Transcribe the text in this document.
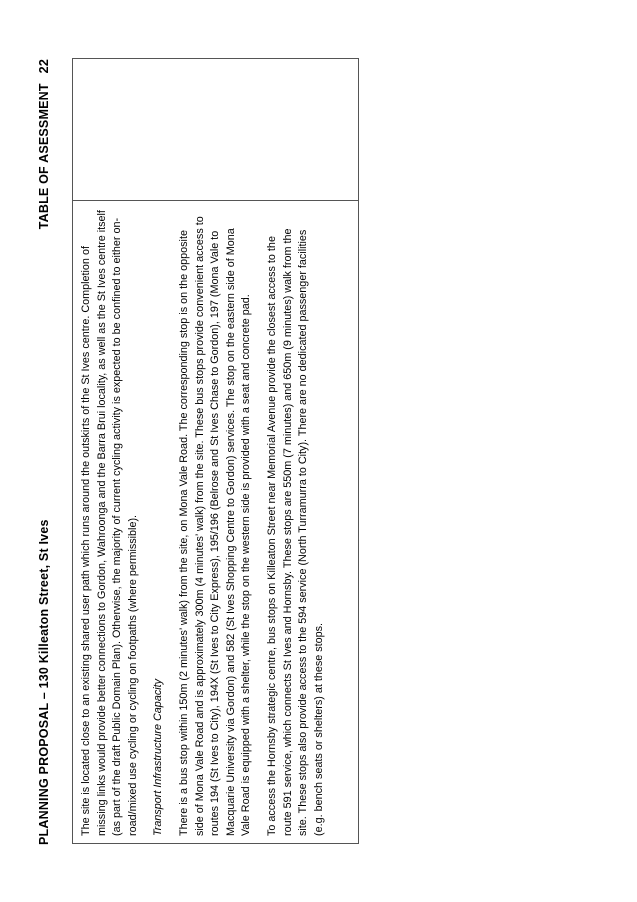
PLANNING PROPOSAL – 130 Killeaton Street, St Ives
TABLE OF ASESSMENT22

The site is located close to an existing shared user path which runs around the outskirts of the St Ives centre. Completion of missing links would provide better connections to Gordon, Wahroonga and the Barra Brui locality, as well as the St Ives centre itself (as part of the draft Public Domain Plan). Otherwise, the majority of current cycling activity is expected to be confined to either on-road/mixed use cycling or cycling on footpaths (where permissible). Transport Infrastructure Capacity There is a bus stop within 150m (2 minutes’ walk) from the site, on Mona Vale Road. The corresponding stop is on the opposite side of Mona Vale Road and is approximately 300m (4 minutes’ walk) from the site. These bus stops provide convenient access to routes 194 (St Ives to City), 194X (St Ives to City Express), 195/196 (Belrose and St Ives Chase to Gordon), 197 (Mona Vale to Macquarie University via Gordon) and 582 (St Ives Shopping Centre to Gordon) services. The stop on the eastern side of Mona Vale Road is equipped with a shelter, while the stop on the western side is provided with a seat and concrete pad. To access the Hornsby strategic centre, bus stops on Killeaton Street near Memorial Avenue provide the closest access to the route 591 service, which connects St Ives and Hornsby. These stops are 550m (7 minutes) and 650m (9 minutes) walk from the site. These stops also provide access to the 594 service (North Turramurra to City). There are no dedicated passenger facilities (e.g. bench seats or shelters) at these stops.
